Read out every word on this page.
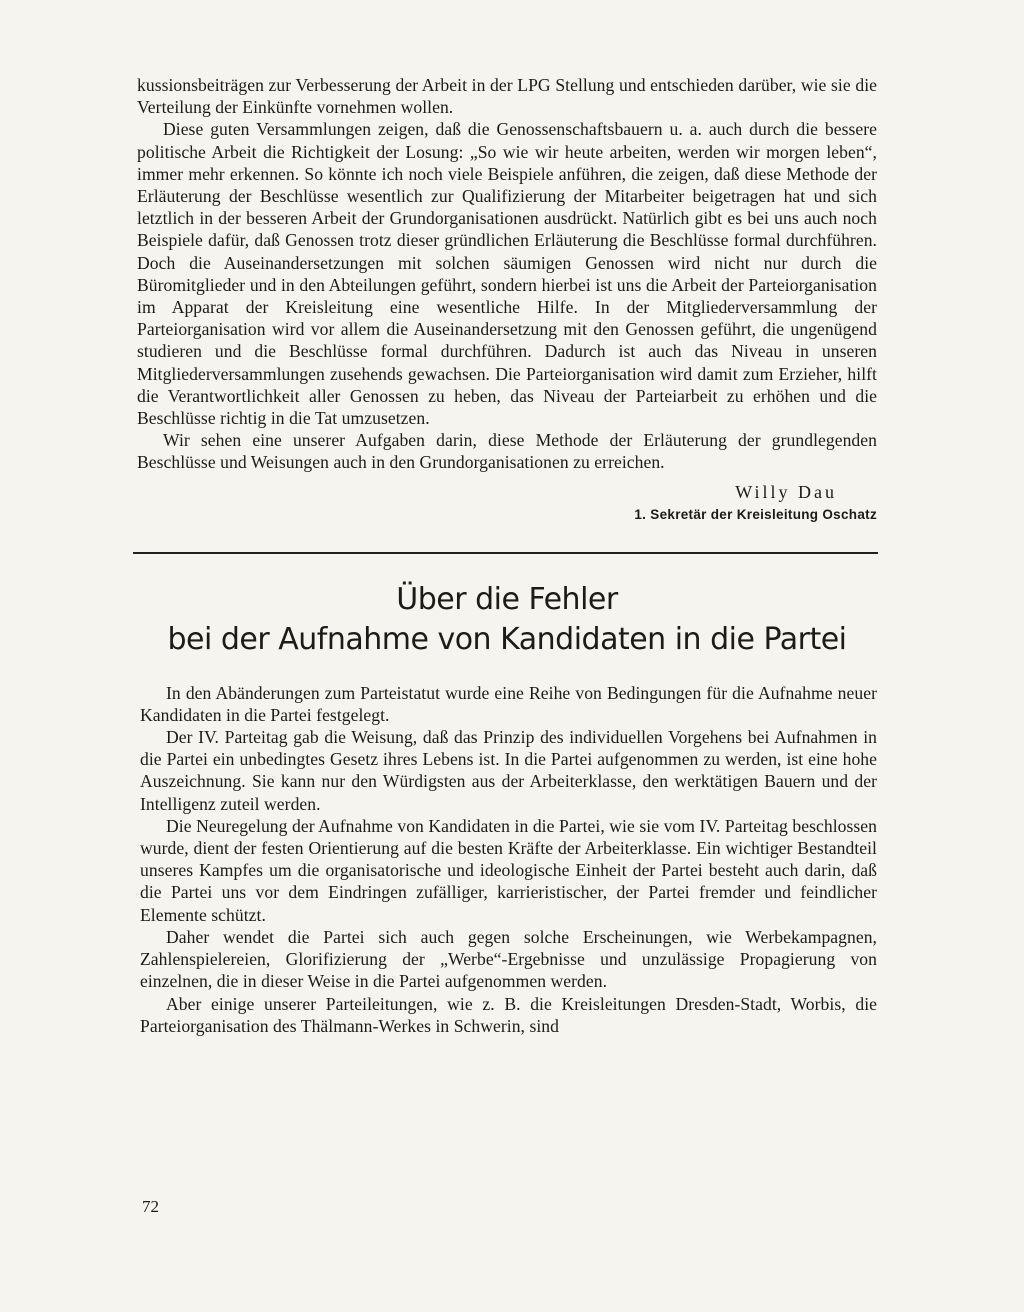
kussionsbeiträgen zur Verbesserung der Arbeit in der LPG Stellung und entschieden darüber, wie sie die Verteilung der Einkünfte vornehmen wollen.

Diese guten Versammlungen zeigen, daß die Genossenschaftsbauern u. a. auch durch die bessere politische Arbeit die Richtigkeit der Losung: „So wie wir heute arbeiten, werden wir morgen leben“, immer mehr erkennen. So könnte ich noch viele Beispiele anführen, die zeigen, daß diese Methode der Erläuterung der Beschlüsse wesentlich zur Qualifizierung der Mitarbeiter beigetragen hat und sich letztlich in der besseren Arbeit der Grundorganisationen ausdrückt. Natürlich gibt es bei uns auch noch Beispiele dafür, daß Genossen trotz dieser gründlichen Erläuterung die Beschlüsse formal durchführen. Doch die Auseinandersetzungen mit solchen säumigen Genossen wird nicht nur durch die Büromitglieder und in den Abteilungen geführt, sondern hierbei ist uns die Arbeit der Parteiorganisation im Apparat der Kreisleitung eine wesentliche Hilfe. In der Mitgliederversammlung der Parteiorganisation wird vor allem die Auseinandersetzung mit den Genossen geführt, die ungenügend studieren und die Beschlüsse formal durchführen. Dadurch ist auch das Niveau in unseren Mitgliederversammlungen zusehends gewachsen. Die Parteiorganisation wird damit zum Erzieher, hilft die Verantwortlichkeit aller Genossen zu heben, das Niveau der Parteiarbeit zu erhöhen und die Beschlüsse richtig in die Tat umzusetzen.

Wir sehen eine unserer Aufgaben darin, diese Methode der Erläuterung der grundlegenden Beschlüsse und Weisungen auch in den Grundorganisationen zu erreichen.

Willy Dau
1. Sekretär der Kreisleitung Oschatz
Über die Fehler
bei der Aufnahme von Kandidaten in die Partei

In den Abänderungen zum Parteistatut wurde eine Reihe von Bedingungen für die Aufnahme neuer Kandidaten in die Partei festgelegt.

Der IV. Parteitag gab die Weisung, daß das Prinzip des individuellen Vorgehens bei Aufnahmen in die Partei ein unbedingtes Gesetz ihres Lebens ist. In die Partei aufgenommen zu werden, ist eine hohe Auszeichnung. Sie kann nur den Würdigsten aus der Arbeiterklasse, den werktätigen Bauern und der Intelligenz zuteil werden.

Die Neuregelung der Aufnahme von Kandidaten in die Partei, wie sie vom IV. Parteitag beschlossen wurde, dient der festen Orientierung auf die besten Kräfte der Arbeiterklasse. Ein wichtiger Bestandteil unseres Kampfes um die organisatorische und ideologische Einheit der Partei besteht auch darin, daß die Partei uns vor dem Eindringen zufälliger, karrieristischer, der Partei fremder und feindlicher Elemente schützt.

Daher wendet die Partei sich auch gegen solche Erscheinungen, wie Werbekampagnen, Zahlenspielereien, Glorifizierung der „Werbe“-Ergebnisse und unzulässige Propagierung von einzelnen, die in dieser Weise in die Partei aufgenommen werden.

Aber einige unserer Parteileitungen, wie z. B. die Kreisleitungen Dresden-Stadt, Worbis, die Parteiorganisation des Thälmann-Werkes in Schwerin, sind

72
